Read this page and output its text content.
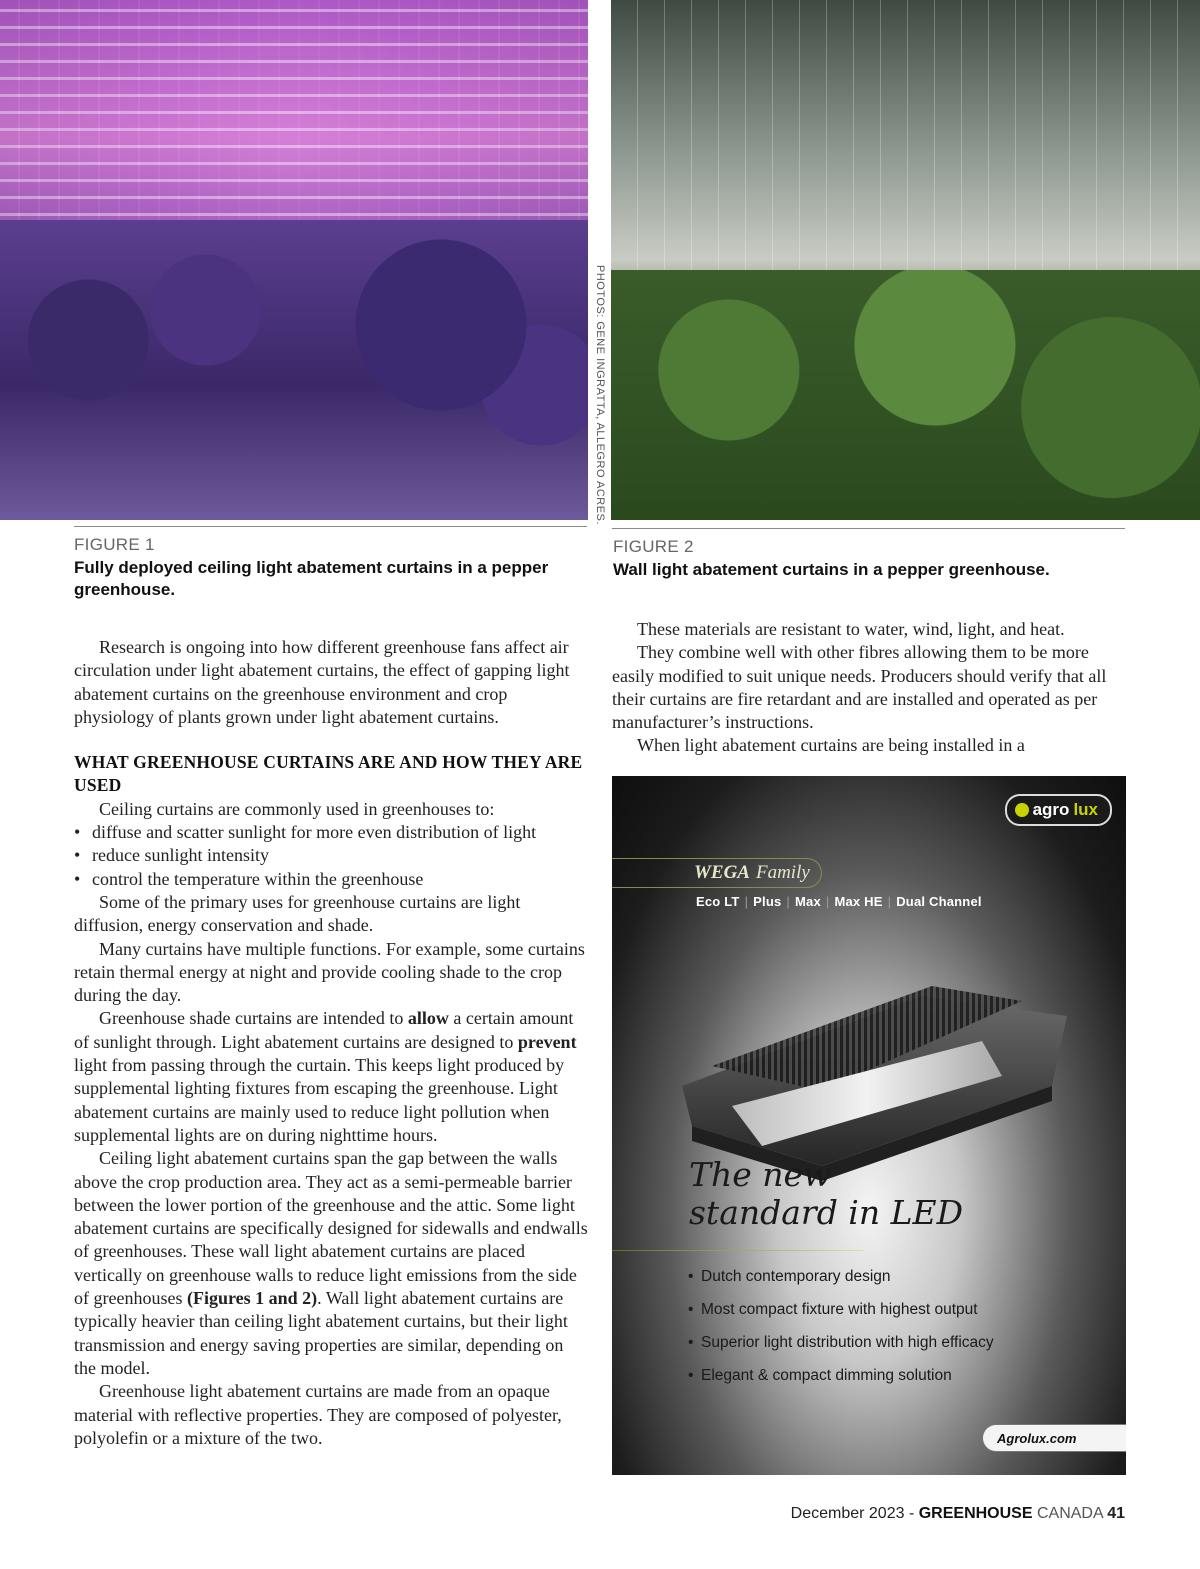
PHOTOS: GENE INGRATTA, ALLEGRO ACRES.
FIGURE 1
Fully deployed ceiling light abatement curtains in a pepper greenhouse.
FIGURE 2
Wall light abatement curtains in a pepper greenhouse.

Research is ongoing into how different greenhouse fans affect air circulation under light abatement curtains, the effect of gapping light abatement curtains on the greenhouse environment and crop physiology of plants grown under light abatement curtains.

WHAT GREENHOUSE CURTAINS ARE AND HOW THEY ARE USED

Ceiling curtains are commonly used in greenhouses to:

• diffuse and scatter sunlight for more even distribution of light
• reduce sunlight intensity
• control the temperature within the greenhouse

Some of the primary uses for greenhouse curtains are light diffusion, energy conservation and shade.

Many curtains have multiple functions. For example, some curtains retain thermal energy at night and provide cooling shade to the crop during the day.

Greenhouse shade curtains are intended to allow a certain amount of sunlight through. Light abatement curtains are designed to prevent light from passing through the curtain. This keeps light produced by supplemental lighting fixtures from escaping the greenhouse. Light abatement curtains are mainly used to reduce light pollution when supplemental lights are on during nighttime hours.

Ceiling light abatement curtains span the gap between the walls above the crop production area. They act as a semi-permeable barrier between the lower portion of the greenhouse and the attic. Some light abatement curtains are specifically designed for sidewalls and endwalls of greenhouses. These wall light abatement curtains are placed vertically on greenhouse walls to reduce light emissions from the side of greenhouses (Figures 1 and 2). Wall light abatement curtains are typically heavier than ceiling light abatement curtains, but their light transmission and energy saving properties are similar, depending on the model.

Greenhouse light abatement curtains are made from an opaque material with reflective properties. They are composed of polyester, polyolefin or a mixture of the two.

These materials are resistant to water, wind, light, and heat.

They combine well with other fibres allowing them to be more easily modified to suit unique needs. Producers should verify that all their curtains are fire retardant and are installed and operated as per manufacturer’s instructions.

When light abatement curtains are being installed in a

agro lux
WEGA Family
Eco LT | Plus | Max | Max HE | Dual Channel
The new
standard in LED
• Dutch contemporary design
• Most compact fixture with highest output
• Superior light distribution with high efficacy
• Elegant & compact dimming solution
Agrolux.com
December 2023 - GREENHOUSE CANADA 41
